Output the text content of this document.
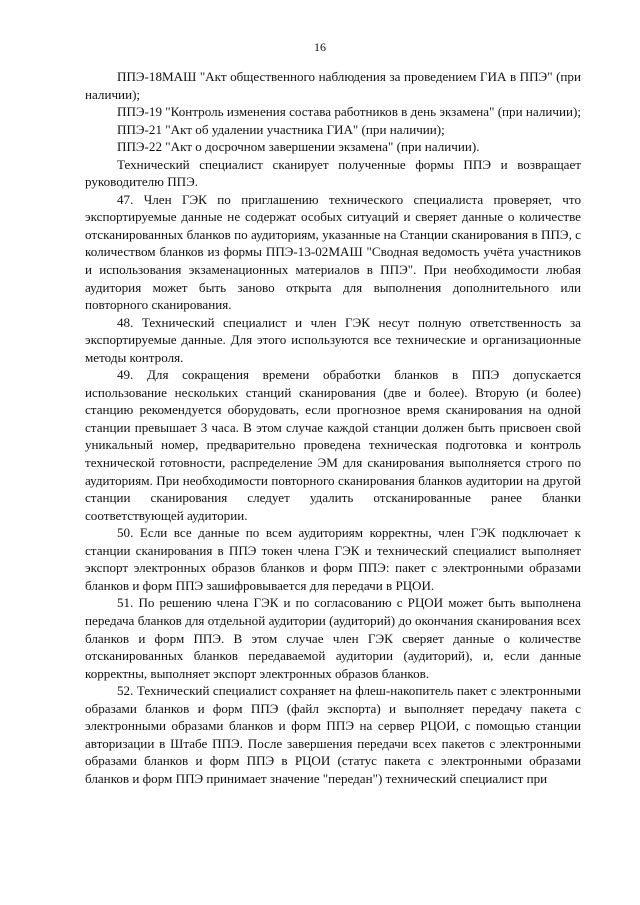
16

ППЭ-18МАШ "Акт общественного наблюдения за проведением ГИА в ППЭ" (при наличии);

ППЭ-19 "Контроль изменения состава работников в день экзамена" (при наличии);

ППЭ-21 "Акт об удалении участника ГИА" (при наличии);

ППЭ-22 "Акт о досрочном завершении экзамена" (при наличии).

Технический специалист сканирует полученные формы ППЭ и возвращает руководителю ППЭ.

47. Член ГЭК по приглашению технического специалиста проверяет, что экспортируемые данные не содержат особых ситуаций и сверяет данные о количестве отсканированных бланков по аудиториям, указанные на Станции сканирования в ППЭ, с количеством бланков из формы ППЭ-13-02МАШ "Сводная ведомость учёта участников и использования экзаменационных материалов в ППЭ". При необходимости любая аудитория может быть заново открыта для выполнения дополнительного или повторного сканирования.

48. Технический специалист и член ГЭК несут полную ответственность за экспортируемые данные. Для этого используются все технические и организационные методы контроля.

49. Для сокращения времени обработки бланков в ППЭ допускается использование нескольких станций сканирования (две и более). Вторую (и более) станцию рекомендуется оборудовать, если прогнозное время сканирования на одной станции превышает 3 часа. В этом случае каждой станции должен быть присвоен свой уникальный номер, предварительно проведена техническая подготовка и контроль технической готовности, распределение ЭМ для сканирования выполняется строго по аудиториям. При необходимости повторного сканирования бланков аудитории на другой станции сканирования следует удалить отсканированные ранее бланки соответствующей аудитории.

50. Если все данные по всем аудиториям корректны, член ГЭК подключает к станции сканирования в ППЭ токен члена ГЭК и технический специалист выполняет экспорт электронных образов бланков и форм ППЭ: пакет с электронными образами бланков и форм ППЭ зашифровывается для передачи в РЦОИ.

51. По решению члена ГЭК и по согласованию с РЦОИ может быть выполнена передача бланков для отдельной аудитории (аудиторий) до окончания сканирования всех бланков и форм ППЭ. В этом случае член ГЭК сверяет данные о количестве отсканированных бланков передаваемой аудитории (аудиторий), и, если данные корректны, выполняет экспорт электронных образов бланков.

52. Технический специалист сохраняет на флеш-накопитель пакет с электронными образами бланков и форм ППЭ (файл экспорта) и выполняет передачу пакета с электронными образами бланков и форм ППЭ на сервер РЦОИ, с помощью станции авторизации в Штабе ППЭ. После завершения передачи всех пакетов с электронными образами бланков и форм ППЭ в РЦОИ (статус пакета с электронными образами бланков и форм ППЭ принимает значение "передан") технический специалист при
